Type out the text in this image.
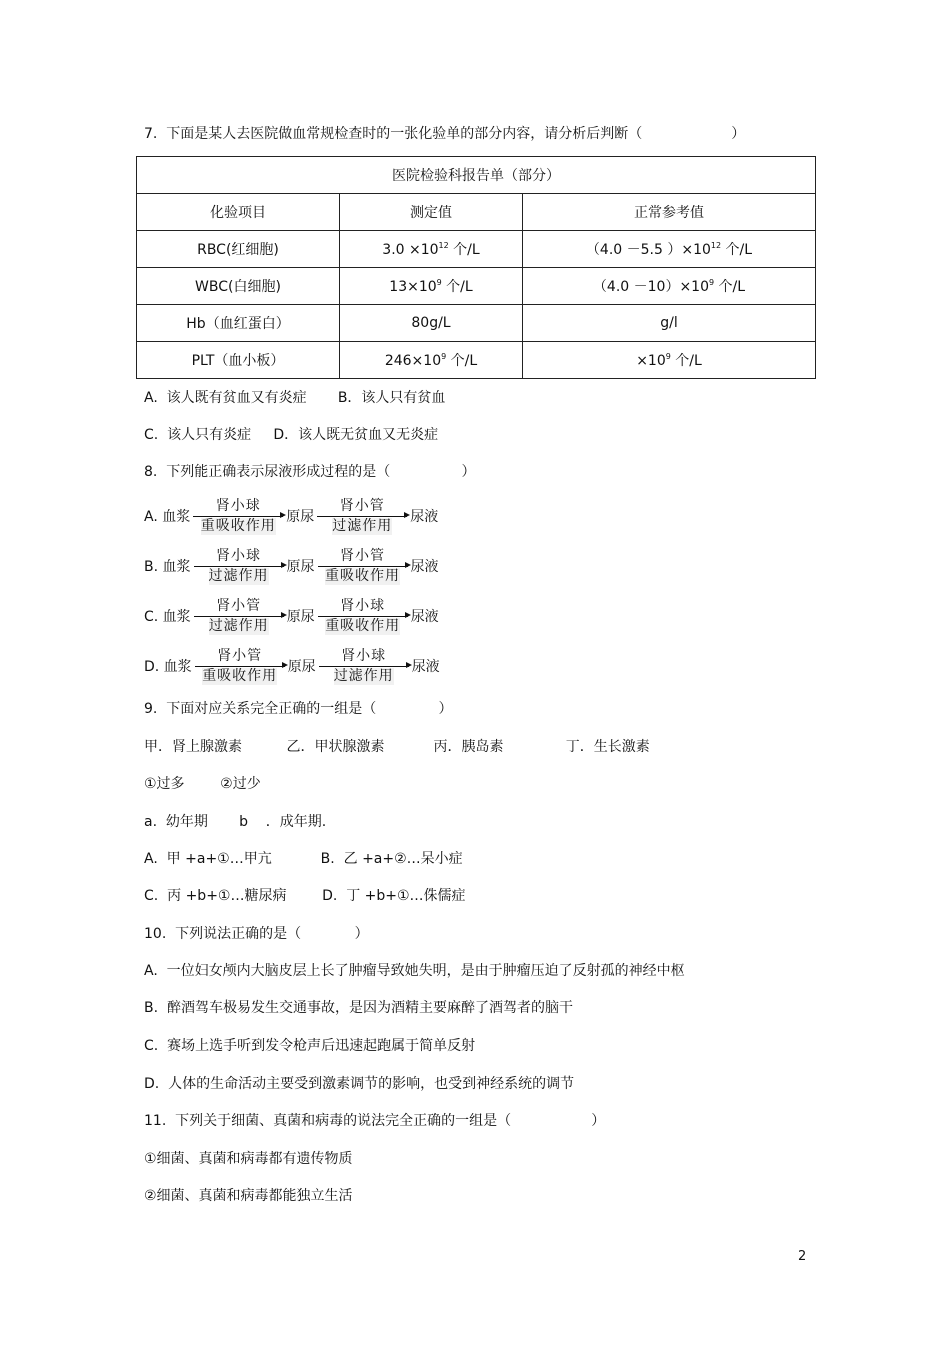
7.  下面是某人去医院做血常规检查时的一张化验单的部分内容，请分析后判断（                    ）
医院检验科报告单（部分）		
化验项目	测定值	正常参考值
RBC(红细胞)	$3.0 \times 10^{12}$ 个/L	（4.0 －5.5 ）$\times 10^{12}$ 个/L
WBC(白细胞)	$13\times 10^9$ 个/L	$(4.0 -10)\times 10^9$ 个/L
Hb（血红蛋白）	80g/L	g/l
PLT（血小板）	$246\times 10^9$ 个/L	$\times 10^9$ 个/L
A.  该人既有贫血又有炎症       B．该人只有贫血
C.  该人只有炎症     D．该人既无贫血又无炎症
8.  下列能正确表示尿液形成过程的是（                ）
A. 血浆
肾小球
重吸收作用
原尿
肾小管
过滤作用
尿液
B. 血浆
肾小球
过滤作用
原尿
肾小管
重吸收作用
尿液
C. 血浆
肾小管
过滤作用
原尿
肾小球
重吸收作用
尿液
D. 血浆
肾小管
重吸收作用
原尿
肾小球
过滤作用
尿液
9.  下面对应关系完全正确的一组是（              ）
甲．肾上腺激素          乙．甲状腺激素           丙．胰岛素              丁．生长激素
①过多        ②过少
a.  幼年期       b    ．成年期.
A.  甲 +a+①…甲亢           B.  乙 +a+②…呆小症
C.  丙 +b+①…糖尿病        D.  丁 +b+①…侏儒症
10.  下列说法正确的是（            ）
A.  一位妇女颅内大脑皮层上长了肿瘤导致她失明，是由于肿瘤压迫了反射孤的神经中枢
B.  醉酒驾车极易发生交通事故，是因为酒精主要麻醉了酒驾者的脑干
C.  赛场上选手听到发令枪声后迅速起跑属于简单反射
D.  人体的生命活动主要受到激素调节的影响，也受到神经系统的调节
11.  下列关于细菌、真菌和病毒的说法完全正确的一组是（                  ）
①细菌、真菌和病毒都有遗传物质
②细菌、真菌和病毒都能独立生活
2
